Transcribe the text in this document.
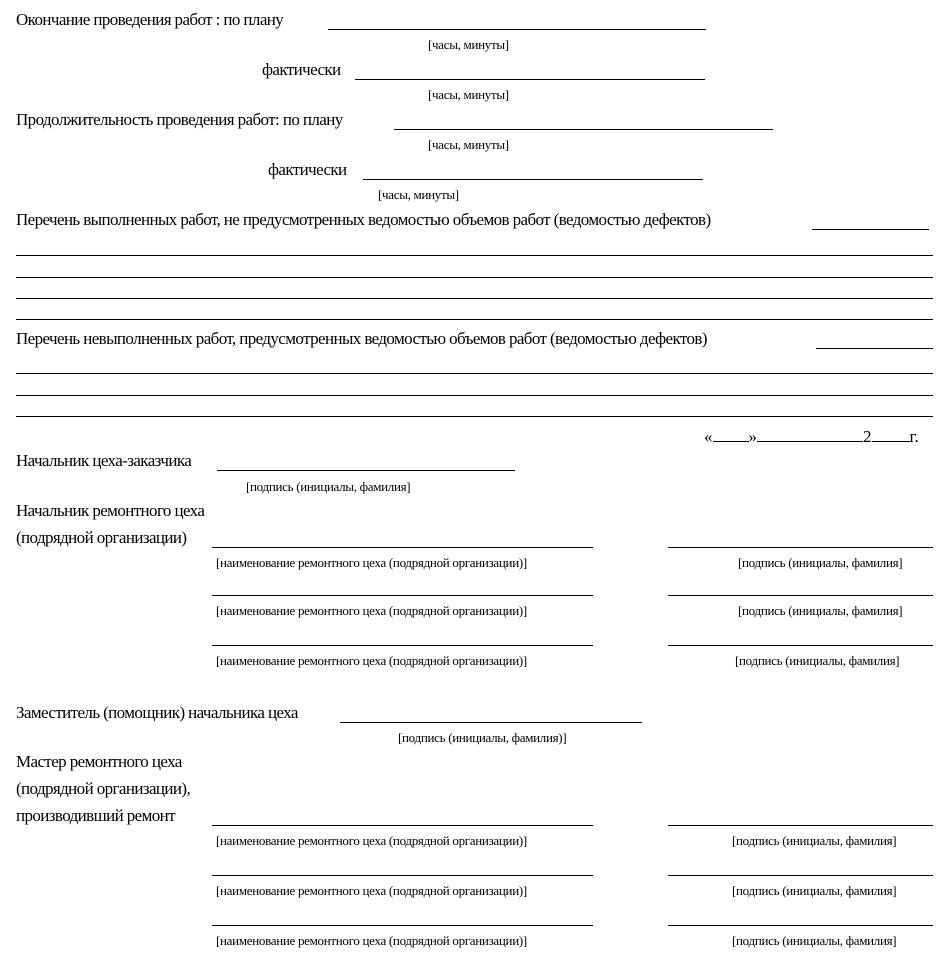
Окончание проведения работ : по плану
[часы, минуты]
фактически
[часы, минуты]
Продолжительность проведения работ: по плану
[часы, минуты]
фактически
[часы, минуты]
Перечень выполненных работ, не предусмотренных ведомостью объемов работ (ведомостью дефектов)
Перечень невыполненных работ, предусмотренных ведомостью объемов работ (ведомостью дефектов)
« »	2 г.
Начальник цеха-заказчика
[подпись (инициалы, фамилия]
Начальник ремонтного цеха
(подрядной организации)
[наименование ремонтного цеха (подрядной организации)]	[подпись (инициалы, фамилия]
[наименование ремонтного цеха (подрядной организации)]	[подпись (инициалы, фамилия]
[наименование ремонтного цеха (подрядной организации)]	[подпись (инициалы, фамилия]
Заместитель (помощник) начальника цеха
[подпись (инициалы, фамилия)]
Мастер ремонтного цеха
(подрядной организации),
производивший ремонт
[наименование ремонтного цеха (подрядной организации)]	[подпись (инициалы, фамилия]
[наименование ремонтного цеха (подрядной организации)]	[подпись (инициалы, фамилия]
[наименование ремонтного цеха (подрядной организации)]	[подпись (инициалы, фамилия]
